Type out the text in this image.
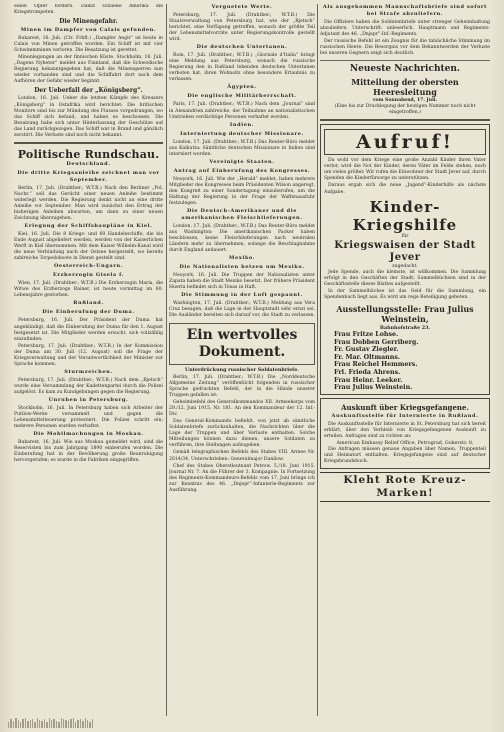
einen Opfer fordern. Damit schließe Amerika die Kriegstrompeten.

Die Minengefahr.
Minen im Dampfer von Calais gefunden.

Bukarest, 16. Juli. (Ctr. Frkft.) „Dampfer Aegir“ ist heute in Calais von Minen getroffen worden. Ein Schiff ist mit vier Schwimmminen verloren. Die Besatzung ist gerettet.

Minenlegungen an der finnischen Küste. Stockholm, 16. Juli. „Dagens Nyheter“ meldet aus Finnland, daß die Schwedische Regierung bekanntgegeben hat, daß die Minensperren nun wieder vorhanden sind und die Schiffahrt dort nach dem Aufhören der Gefahr wieder beginnt.

Der Ueberfall der „Königsberg“.

London, 16. Juli. Ueber die letzten Kämpfe des Kreuzers „Königsberg“ in Ostafrika wird berichtet: Die britischen Monitore sind bis zur Mündung des Flusses vorgedrungen, wo das Schiff sich befand, und haben es beschossen. Die Besatzung habe sich unter Hinterlassung der Geschütze auf das Land zurückgezogen. Das Schiff war in Brand und gänzlich zerstört. Die Verluste sind noch nicht bekannt.

Politische Rundschau.
Deutschland.
Die dritte Kriegsanleihe zeichnet man vor September.

Berlin, 17. Juli. (Drahtber.; W.T.B.) Nach den Berliner „Pol. Nachr.“ soll das Gerücht einer neuen Anleihe bestimmt widerlegt werden. Die Regierung denkt nicht an eine dritte Anleihe vor September. Man wird zunächst den Ertrag der bisherigen Anleihen abwarten, um dann zu einer neuen Zeichnung überzugehen.

Erlegung der Schiffsbaupläne in Kiel.

Kiel, 16. Juli. Die 8 Kriegs- und 60 Handelsschiffe, die bis Ende August abgeliefert werden, werden von der Kaiserlichen Werft in Kiel übernommen. Mit dem Kaiser Wilhelm-Kanal wird die neue Verbindung nach der Ostsee hergestellt, wo bereits zahlreiche Torpedoboote in Dienst gestellt sind.

Oesterreich-Ungarn.
Erzherzogin Gisela f.

Wien, 17. Juli. (Drahtber.; W.T.B.) Die Erzherzogin Maria, die Witwe des Erzherzogs Rainer, ist heute vormittag im 80. Lebensjahre gestorben.

Rußland.
Die Einberufung der Duma.

Petersburg, 16. Juli. Der Präsident der Duma hat angekündigt, daß die Einberufung der Duma für den 1. August festgesetzt ist. Die Mitglieder werden ersucht, sich vollzählig einzufinden.

Petersburg, 17. Juli. (Drahtber.; W.T.B.) In der Kommission der Duma am 30. Juli (12. August) soll die Frage der Kriegsverwaltung und der Verantwortlichkeit der Minister zur Sprache kommen.

Sturmzeichen.

Petersburg, 17. Juli. (Drahtber.; W.T.B.) Nach dem „Rjetsch“ wurde eine Versammlung der Kadettenpartei durch die Polizei aufgelöst. Es kam zu Kundgebungen gegen die Regierung.

Unruhen in Petersburg.

Stockholm, 16. Juli. In Petersburg haben sich Arbeiter der Putilow-Werke versammelt und gegen die Lebensmittelteuerung protestiert. Die Polizei schritt ein; mehrere Personen wurden verhaftet.

Die Mobilmachungen in Moskau.

Bukarest, 16. Juli. Wie aus Moskau gemeldet wird, sind die Reservisten bis zum Jahrgang 1890 einberufen worden. Die Einberufung hat in der Bevölkerung große Beunruhigung hervorgerufen; es wurde in die Fabriken eingegriffen.

Verguetete Werte.

Petersburg, 17. Juli. (Drahtber.; W.T.B.) Die Staatsverwaltung von Petersburg hat, wie der „Rjetsch“ berichtet, eine Verfügung getroffen, wonach der größte Teil der Lebensmittelvorräte unter Regierungskontrolle gestellt wird.

Die deutschen Untertanen.

Rom, 17. Juli. (Drahtber.; W.T.B.) „Giornale d'Italia“ bringt eine Meldung aus Petersburg, wonach die russische Regierung den in Rußland lebenden deutschen Untertanen verboten hat, ihren Wohnsitz ohne besondere Erlaubnis zu verlassen.

Ägypten.
Die englische Militärherrschaft.

Paris, 17. Juli. (Drahtber.; W.T.B.) Nach dem „Journal“ sind in Alexandrien zahlreiche, der Teilnahme an nationalistischen Umtrieben verdächtige Personen verhaftet worden.

Indien.
Interniertung deutscher Missionare.

London, 17. Juli. (Drahtber.; W.T.B.) Das Reuter-Büro meldet aus Kalkutta: Sämtliche deutschen Missionare in Indien sind interniert worden.

Vereinigte Staaten.
Antrag auf Einberufung des Kongresses.

Neuyork, 16. Juli. Wie der „Herald“ meldet, haben mehrere Mitglieder des Kongresses beim Präsidenten Wilson angeregt, den Kongreß zu einer Sondertagung einzuberufen, um die Haltung der Regierung in der Frage der Waffenausfuhr festzulegen.

Die Deutsch-Amerikaner und die amerikanischen Fleischlieferungen.

London, 17. Juli. (Drahtber.; W.T.B.) Das Reuter-Büro meldet aus Washington: Die amerikanischen Packer haben beschlossen, keine Fleischlieferungen nach neutralen Ländern mehr zu übernehmen, solange die Beschlagnahme durch England andauert.

Mexiko.
Die Nationalisten hetzen um Mexiko.

Neuyork, 16. Juli. Die Truppen der Nationalisten unter Zapata haben die Stadt Mexiko besetzt. Der frühere Präsident Huerta befindet sich in Texas in Haft.

Die Stimmung in der Luft gespannt.

Washington, 17. Juli. (Drahtber.; W.T.B.) Meldung aus Vera Cruz besagen, daß die Lage in der Hauptstadt sehr ernst sei. Die Ausländer bereiten sich darauf vor, die Stadt zu verlassen.

Ein wertvolles Dokument.
Unterdrückung russischer Soldatenbriefe.

Berlin, 17. Juli. (Drahtber.; W.T.B.) Die „Norddeutsche Allgemeine Zeitung“ veröffentlicht folgenden in russischer Sprache gedruckten Befehl, der in die Hände unserer Truppen gefallen ist:

Geheimbefehl des Generalkommandos XII. Armeekorps vom 29./12. Juni 1915. Nr. 181. An den Kommandeur der 12. Inf.-Div.

Das General-Kommando befiehlt, von jetzt ab sämtliche Soldatenbriefe zurückzuhalten, die Nachrichten über die Lage der Truppen und über Verluste enthalten. Solche Mitteilungen können dazu dienen, unsere Soldaten zu verführen, ihre Stellungen aufzugeben.

Gemäß telegraphischen Befehls des Stabes VIII. Armee Nr. 2014/34. Unterschrieben: Generalmajor Danilow.

Chef des Stabes Oberstleutnant Petrow. 5./18. Juni 1915. Journal Nr. 7. An die Führer der 3. Kompagnie. In Fortsetzung des Regiments-Kommandeurs-Befehls vom 17. Juni bringe ich zur Kenntnis des 46. „Dnjepr“-Infanterie-Regiments zur Ausführung.

Als ausgekommen Mannschaftsbriefe sind sofort bei Strafe abzuliefern.

Die Offiziere haben die Soldatenbriefe unter strenger Geheimhaltung abzuliefern. Unterschrift: unleserlich. Hauptmann und Regiments-Adjutant des 46. „Dnjepr“-Inf.-Regiments.

Der russische Befehl ist ein Zeugnis für die tatsächliche Stimmung im russischen Heere. Die Besorgnis vor dem Bekanntwerden der Verluste bei unseren Gegnern zeigt sich deutlich.

Neueste Nachrichten.
Mitteilung der obersten Heeresleitung
vom Sonnabend, 17. Juli.
(Eine bis zur Drucklegung der heutigen Nummer noch nicht eingetroffen.)
Aufruf!

Da wohl vor dem Kriege eine große Anzahl Kinder ihren Vater verlor, wird die Not der Kinder, deren Väter im Felde stehen, noch um vieles größer. Wir rufen die Einwohner der Stadt Jever auf, durch Spenden die Kinderfürsorge zu unterstützen.

Daraus ergab sich die neue „Jugend“-Kinderhilfe als nächste Aufgabe.

Kinder-Kriegshilfe
für
Kriegswaisen der Stadt Jever
zugedacht.

Jede Spende, auch die kleinste, ist willkommen. Die Sammlung erfolgt in den Geschäften der Stadt; Sammelbüchsen sind in der Geschäftsstelle dieses Blattes aufgestellt.

In der Sammelbüchse ist das Geld für die Sammlung, ein Spendenbuch liegt aus. Es wird um rege Beteiligung gebeten.

Ausstellungsstelle: Frau Julius Weinstein,
Bahnhofstraße 23.
Frau Fritze Lohse.
Frau Dobben Gerriberg.
Fr. Gustav Ziegler.
Fr. Mar. Oltmanns.
Frau Reichel Hemmers.
Frl. Frieda Ahrens.
Frau Heinr. Leeker.
Frau Julius Weinstein.
Auskunft über Kriegsgefangene.
Auskunftsstelle für Internierte in Rußland.

Die Auskunftsstelle für Internierte in St. Petersburg hat sich bereit erklärt, über den Verbleib von Kriegsgefangenen Auskunft zu erteilen. Anfragen sind zu richten an:

American Embassy Relief Office, Petrograd, Gokerstr. 8.

Die Anfragen müssen genaue Angaben über Namen, Truppenteil und Heimatort enthalten. Kriegsgefangene sind auf deutscher Kriegsbrandsbuch.

Kleht Rote Kreuz-Marken!
